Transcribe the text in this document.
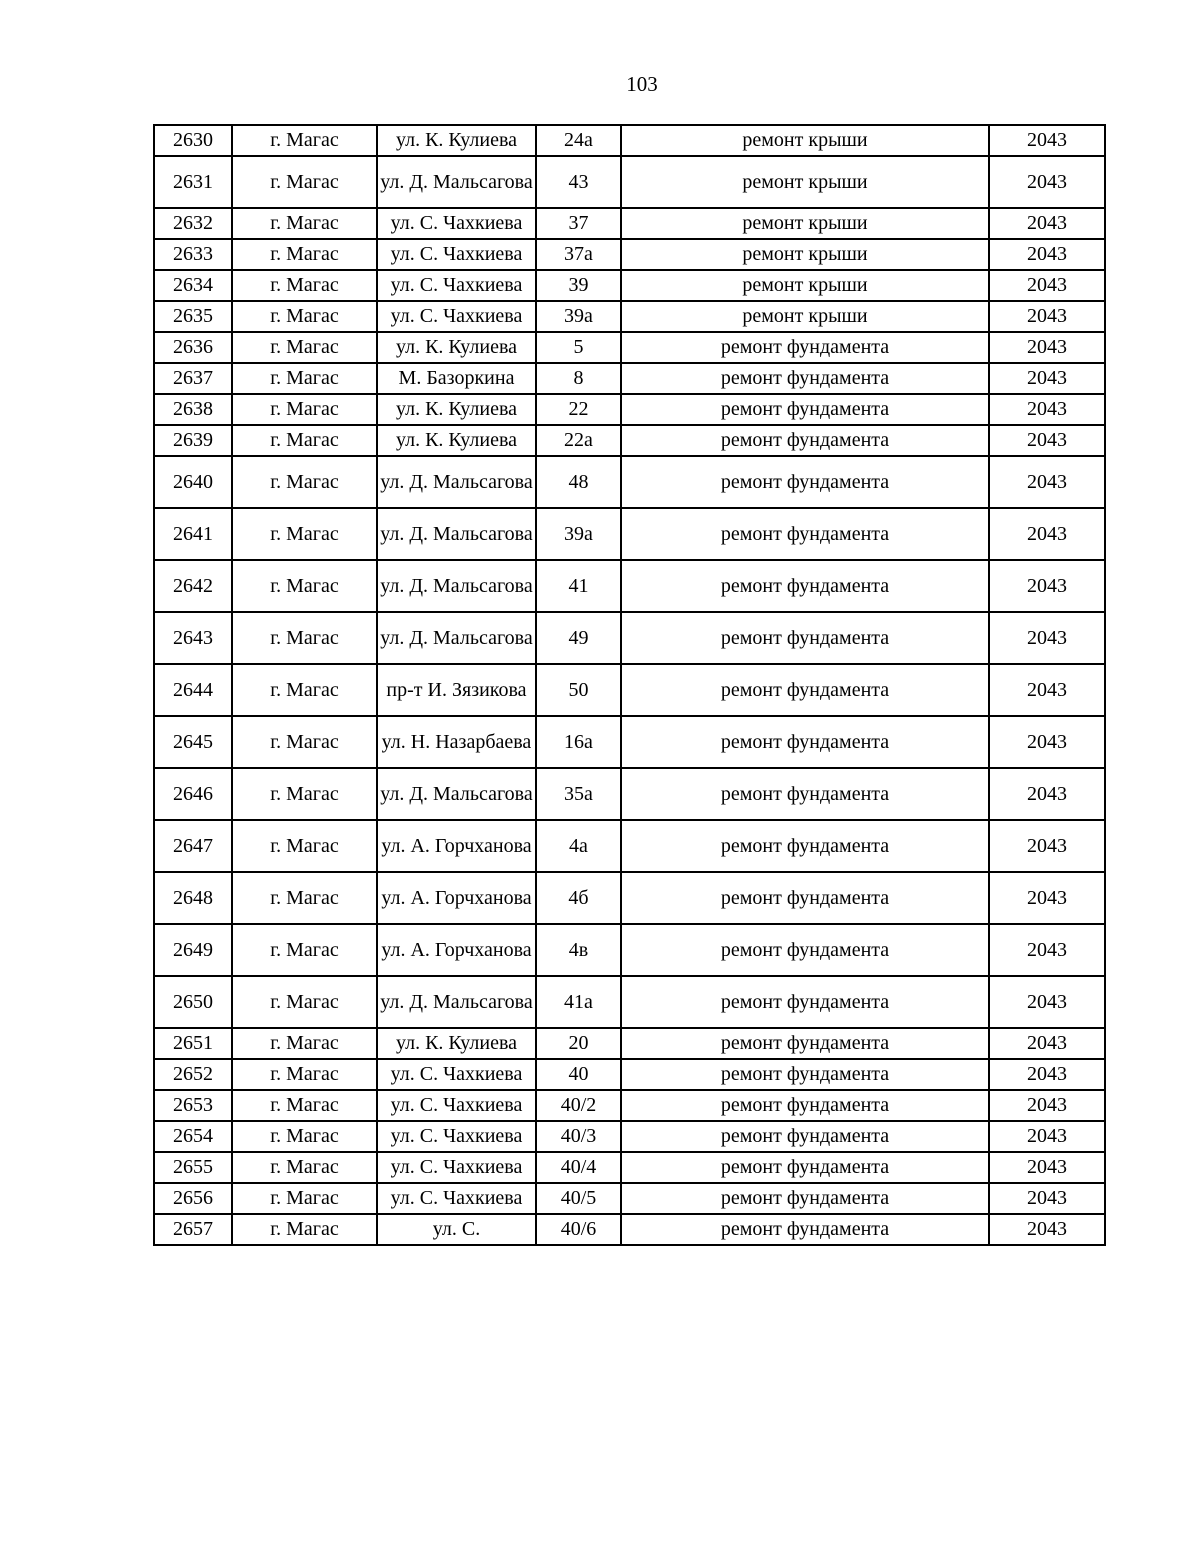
103
2630	г. Магас	ул. К. Кулиева	24а	ремонт крыши	2043
2631	г. Магас	ул. Д. Мальсагова	43	ремонт крыши	2043
2632	г. Магас	ул. С. Чахкиева	37	ремонт крыши	2043
2633	г. Магас	ул. С. Чахкиева	37а	ремонт крыши	2043
2634	г. Магас	ул. С. Чахкиева	39	ремонт крыши	2043
2635	г. Магас	ул. С. Чахкиева	39а	ремонт крыши	2043
2636	г. Магас	ул. К. Кулиева	5	ремонт фундамента	2043
2637	г. Магас	М. Базоркина	8	ремонт фундамента	2043
2638	г. Магас	ул. К. Кулиева	22	ремонт фундамента	2043
2639	г. Магас	ул. К. Кулиева	22а	ремонт фундамента	2043
2640	г. Магас	ул. Д. Мальсагова	48	ремонт фундамента	2043
2641	г. Магас	ул. Д. Мальсагова	39а	ремонт фундамента	2043
2642	г. Магас	ул. Д. Мальсагова	41	ремонт фундамента	2043
2643	г. Магас	ул. Д. Мальсагова	49	ремонт фундамента	2043
2644	г. Магас	пр-т И. Зязикова	50	ремонт фундамента	2043
2645	г. Магас	ул. Н. Назарбаева	16а	ремонт фундамента	2043
2646	г. Магас	ул. Д. Мальсагова	35а	ремонт фундамента	2043
2647	г. Магас	ул. А. Горчханова	4а	ремонт фундамента	2043
2648	г. Магас	ул. А. Горчханова	4б	ремонт фундамента	2043
2649	г. Магас	ул. А. Горчханова	4в	ремонт фундамента	2043
2650	г. Магас	ул. Д. Мальсагова	41а	ремонт фундамента	2043
2651	г. Магас	ул. К. Кулиева	20	ремонт фундамента	2043
2652	г. Магас	ул. С. Чахкиева	40	ремонт фундамента	2043
2653	г. Магас	ул. С. Чахкиева	40/2	ремонт фундамента	2043
2654	г. Магас	ул. С. Чахкиева	40/3	ремонт фундамента	2043
2655	г. Магас	ул. С. Чахкиева	40/4	ремонт фундамента	2043
2656	г. Магас	ул. С. Чахкиева	40/5	ремонт фундамента	2043
2657	г. Магас	ул. С.	40/6	ремонт фундамента	2043
